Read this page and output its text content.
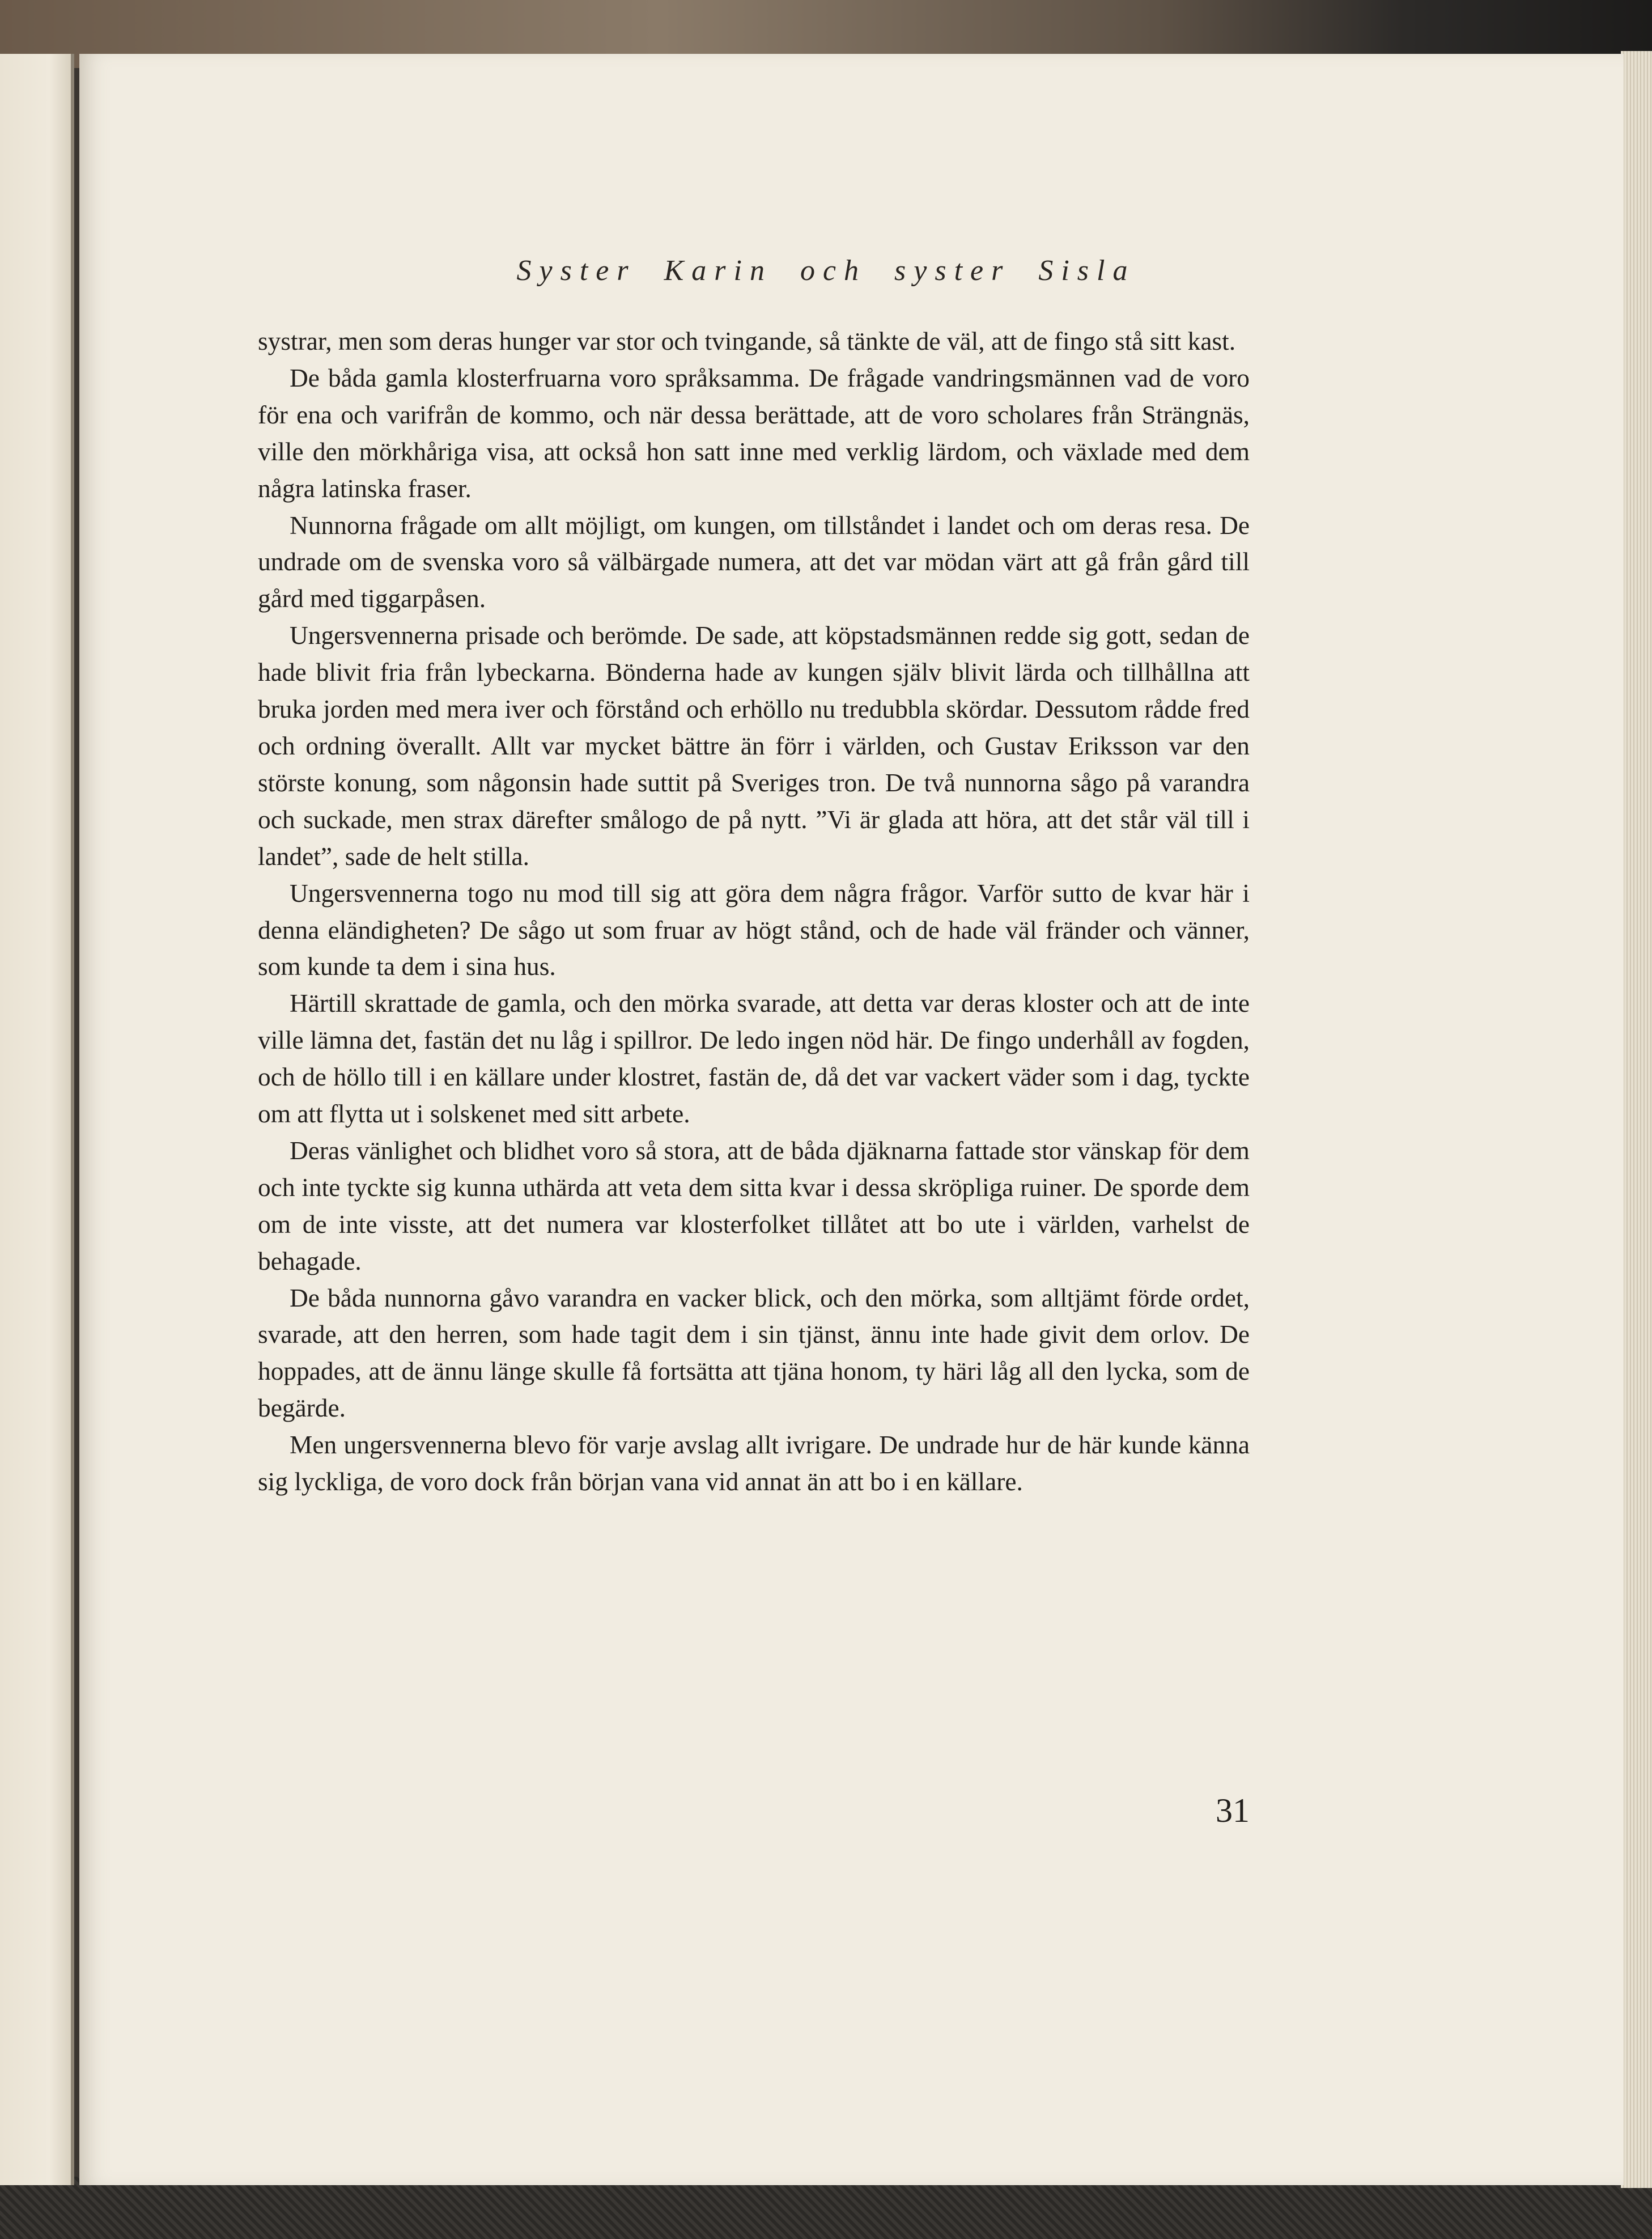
Syster Karin och syster Sisla

systrar, men som deras hunger var stor och tvingande, så tänkte de väl, att de fingo stå sitt kast.

De båda gamla klosterfruarna voro språksamma. De frågade vandringsmännen vad de voro för ena och varifrån de kommo, och när dessa berättade, att de voro scholares från Strängnäs, ville den mörkhåriga visa, att också hon satt inne med verklig lärdom, och växlade med dem några latinska fraser.

Nunnorna frågade om allt möjligt, om kungen, om tillståndet i landet och om deras resa. De undrade om de svenska voro så välbärgade numera, att det var mödan värt att gå från gård till gård med tiggarpåsen.

Ungersvennerna prisade och berömde. De sade, att köpstadsmännen redde sig gott, sedan de hade blivit fria från lybeckarna. Bönderna hade av kungen själv blivit lärda och tillhållna att bruka jorden med mera iver och förstånd och erhöllo nu tredubbla skördar. Dessutom rådde fred och ordning överallt. Allt var mycket bättre än förr i världen, och Gustav Eriksson var den störste konung, som någonsin hade suttit på Sveriges tron. De två nunnorna sågo på varandra och suckade, men strax därefter smålogo de på nytt. ”Vi är glada att höra, att det står väl till i landet”, sade de helt stilla.

Ungersvennerna togo nu mod till sig att göra dem några frågor. Varför sutto de kvar här i denna eländigheten? De sågo ut som fruar av högt stånd, och de hade väl fränder och vänner, som kunde ta dem i sina hus.

Härtill skrattade de gamla, och den mörka svarade, att detta var deras kloster och att de inte ville lämna det, fastän det nu låg i spillror. De ledo ingen nöd här. De fingo underhåll av fogden, och de höllo till i en källare under klostret, fastän de, då det var vackert väder som i dag, tyckte om att flytta ut i solskenet med sitt arbete.

Deras vänlighet och blidhet voro så stora, att de båda djäknarna fattade stor vänskap för dem och inte tyckte sig kunna uthärda att veta dem sitta kvar i dessa skröpliga ruiner. De sporde dem om de inte visste, att det numera var klosterfolket tillåtet att bo ute i världen, varhelst de behagade.

De båda nunnorna gåvo varandra en vacker blick, och den mörka, som alltjämt förde ordet, svarade, att den herren, som hade tagit dem i sin tjänst, ännu inte hade givit dem orlov. De hoppades, att de ännu länge skulle få fortsätta att tjäna honom, ty häri låg all den lycka, som de begärde.

Men ungersvennerna blevo för varje avslag allt ivrigare. De undrade hur de här kunde känna sig lyckliga, de voro dock från början vana vid annat än att bo i en källare.

31
